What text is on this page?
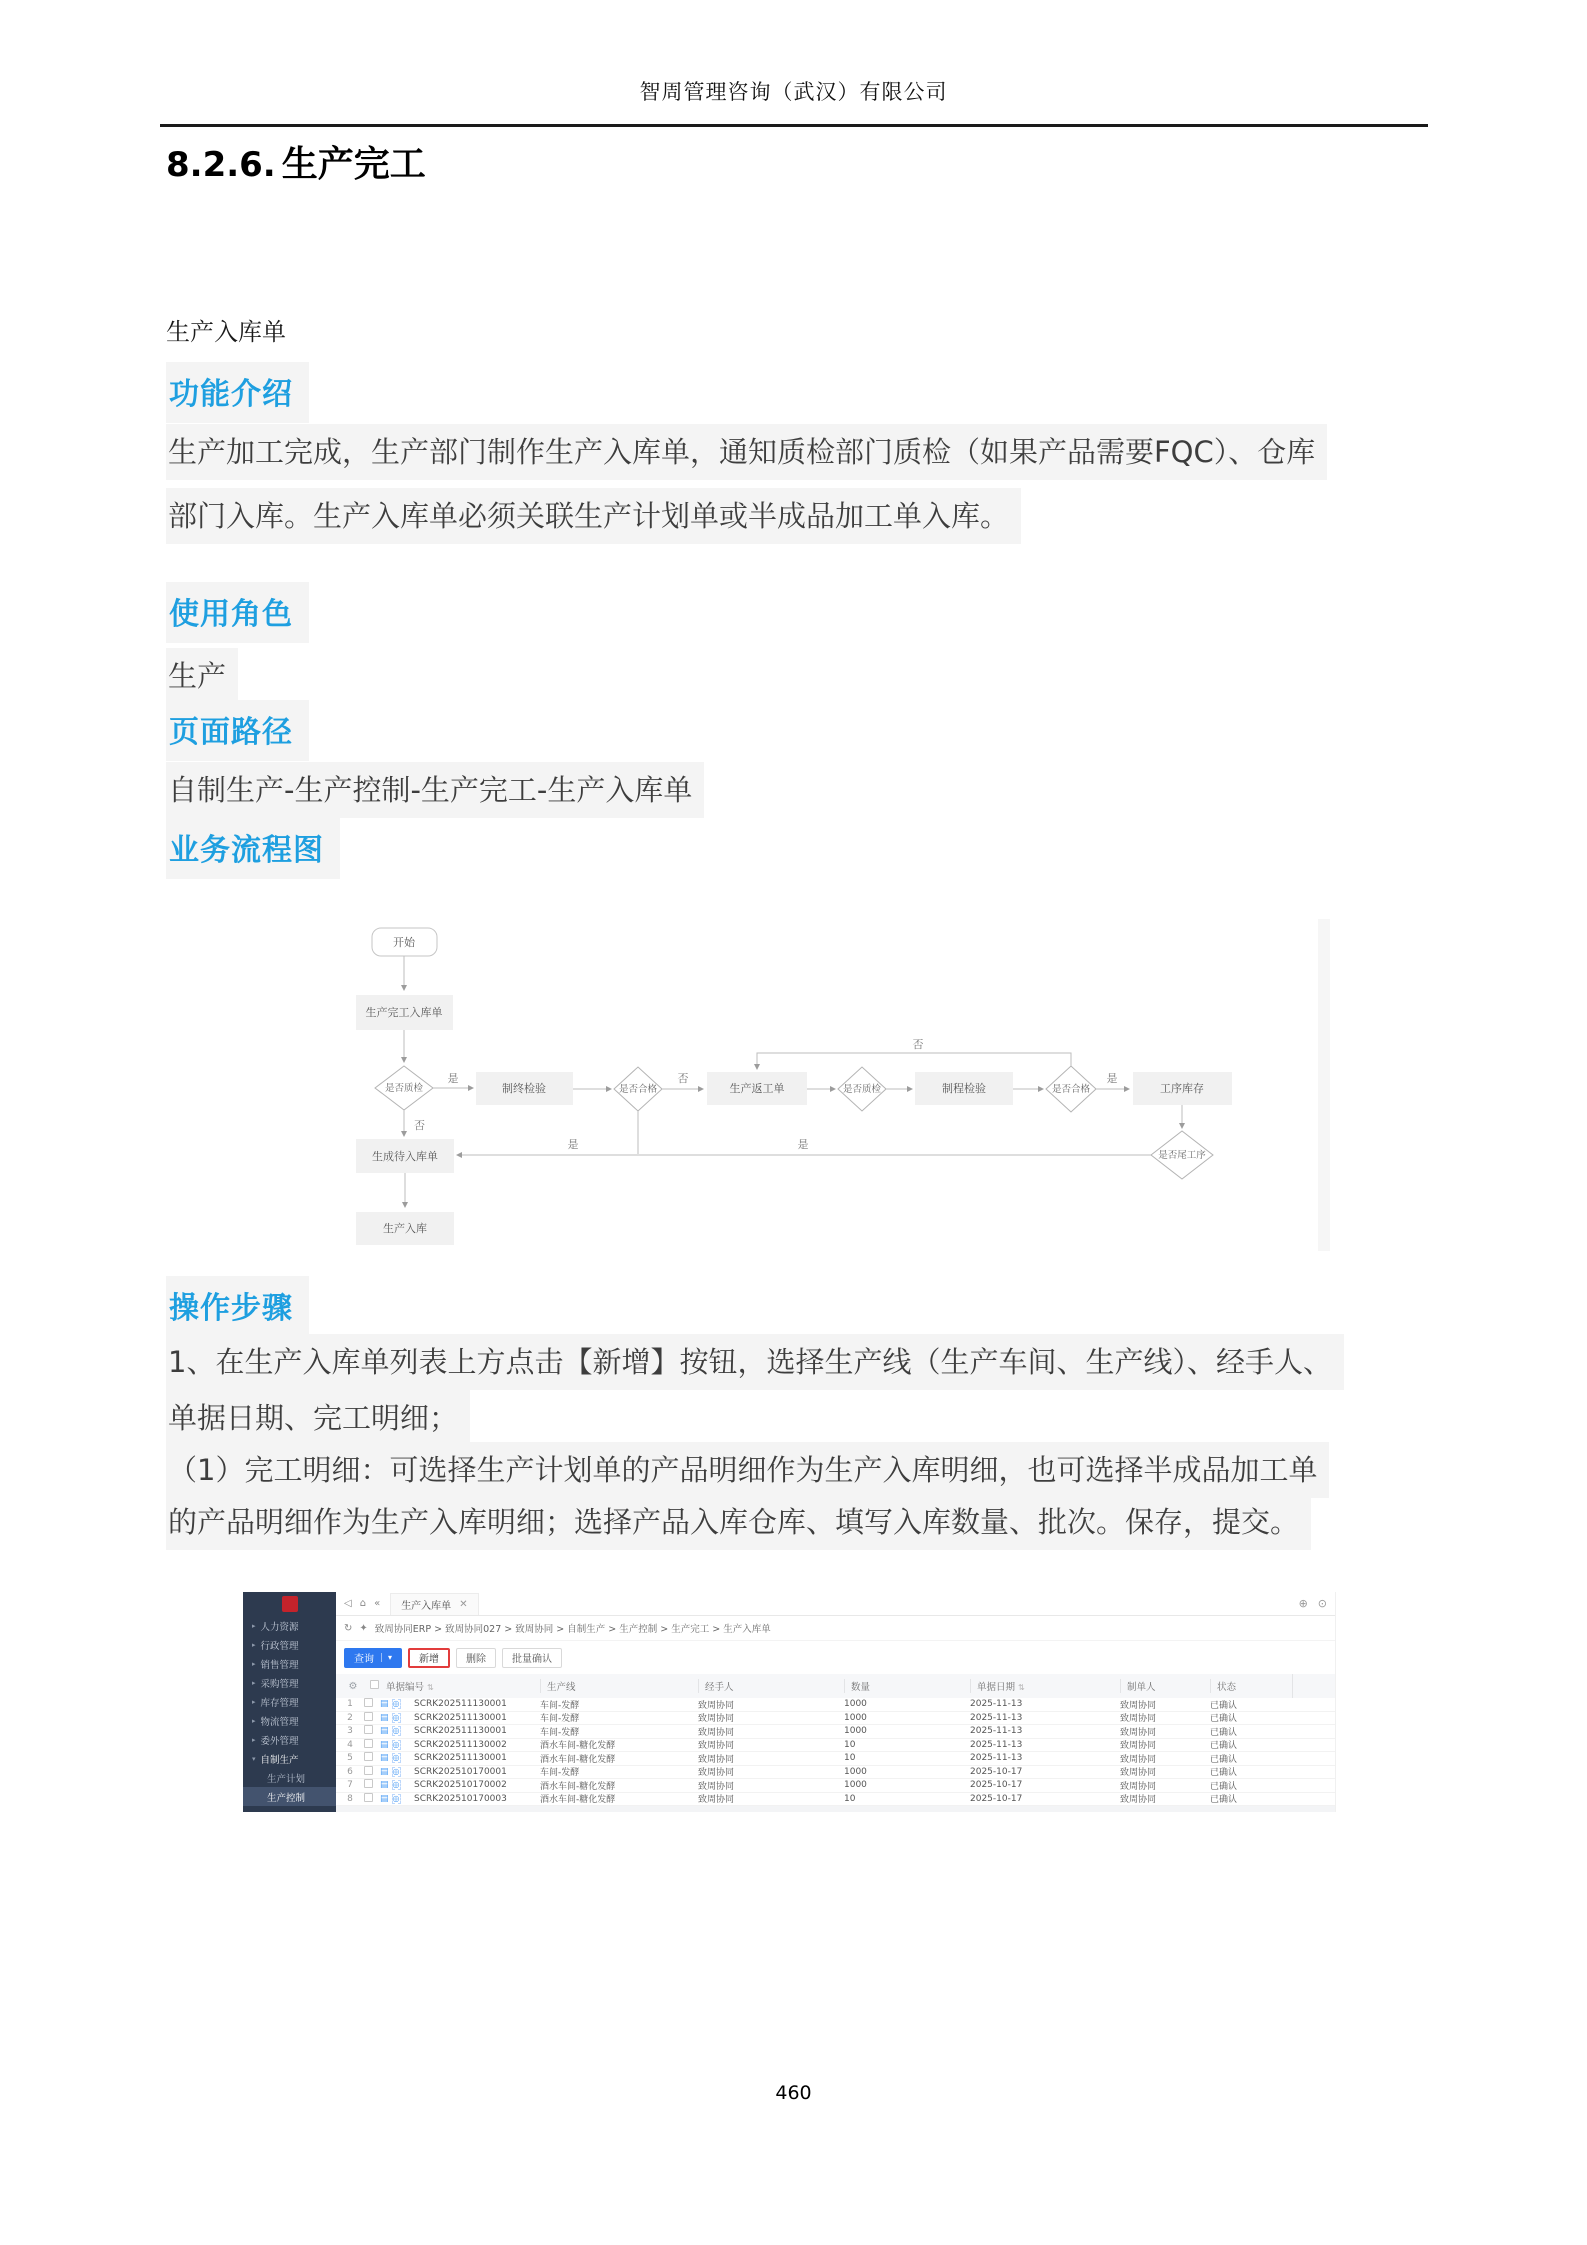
智周管理咨询（武汉）有限公司
8.2.6. 生产完工
生产入库单
功能介绍
生产加工完成，生产部门制作生产入库单，通知质检部门质检（如果产品需要FQC）、仓库
部门入库。生产入库单必须关联生产计划单或半成品加工单入库。
使用角色
生产
页面路径
自制生产-生产控制-生产完工-生产入库单
业务流程图
开始
生产完工入库单
是否质检
是
制终检验	是否合格
否
生产返工单	是否质检	制程检验	是否合格
是
工序库存
否
是否尾工序
是
是
否
生成待入库单
生产入库
操作步骤
1、在生产入库单列表上方点击【新增】按钮，选择生产线（生产车间、生产线）、经手人、
单据日期、完工明细；
（1）完工明细：可选择生产计划单的产品明细作为生产入库明细，也可选择半成品加工单
的产品明细作为生产入库明细；选择产品入库仓库、填写入库数量、批次。保存，提交。
▸ 人力资源
▸ 行政管理
▸ 销售管理
▸ 采购管理
▸ 库存管理
▸ 物流管理
▸ 委外管理
▾ 自制生产
生产计划
生产控制
◁ ⌂ « 生产入库单 ✕	⊕ ⊙
↻ ✦ 致周协同ERP > 致周协同027 > 致周协同 > 自制生产 > 生产控制 > 生产完工 > 生产入库单
查询	▾	新增	删除	批量确认
⚙	单据编号 ⇅	生产线	经手人	数量	单据日期 ⇅	制单人	状态
1	▤ ◎ SCRK202511130001	车间-发酵	致周协同	1000	2025-11-13	致周协同	已确认
2	▤ ◎ SCRK202511130001	车间-发酵	致周协同	1000	2025-11-13	致周协同	已确认
3	▤ ◎ SCRK202511130001	车间-发酵	致周协同	1000	2025-11-13	致周协同	已确认
4	▤ ◎ SCRK202511130002	酒水车间-糖化发酵	致周协同	10	2025-11-13	致周协同	已确认
5	▤ ◎ SCRK202511130001	酒水车间-糖化发酵	致周协同	10	2025-11-13	致周协同	已确认
6	▤ ◎ SCRK202510170001	车间-发酵	致周协同	1000	2025-10-17	致周协同	已确认
7	▤ ◎ SCRK202510170002	酒水车间-糖化发酵	致周协同	1000	2025-10-17	致周协同	已确认
8	▤ ◎ SCRK202510170003	酒水车间-糖化发酵	致周协同	10	2025-10-17	致周协同	已确认
460
